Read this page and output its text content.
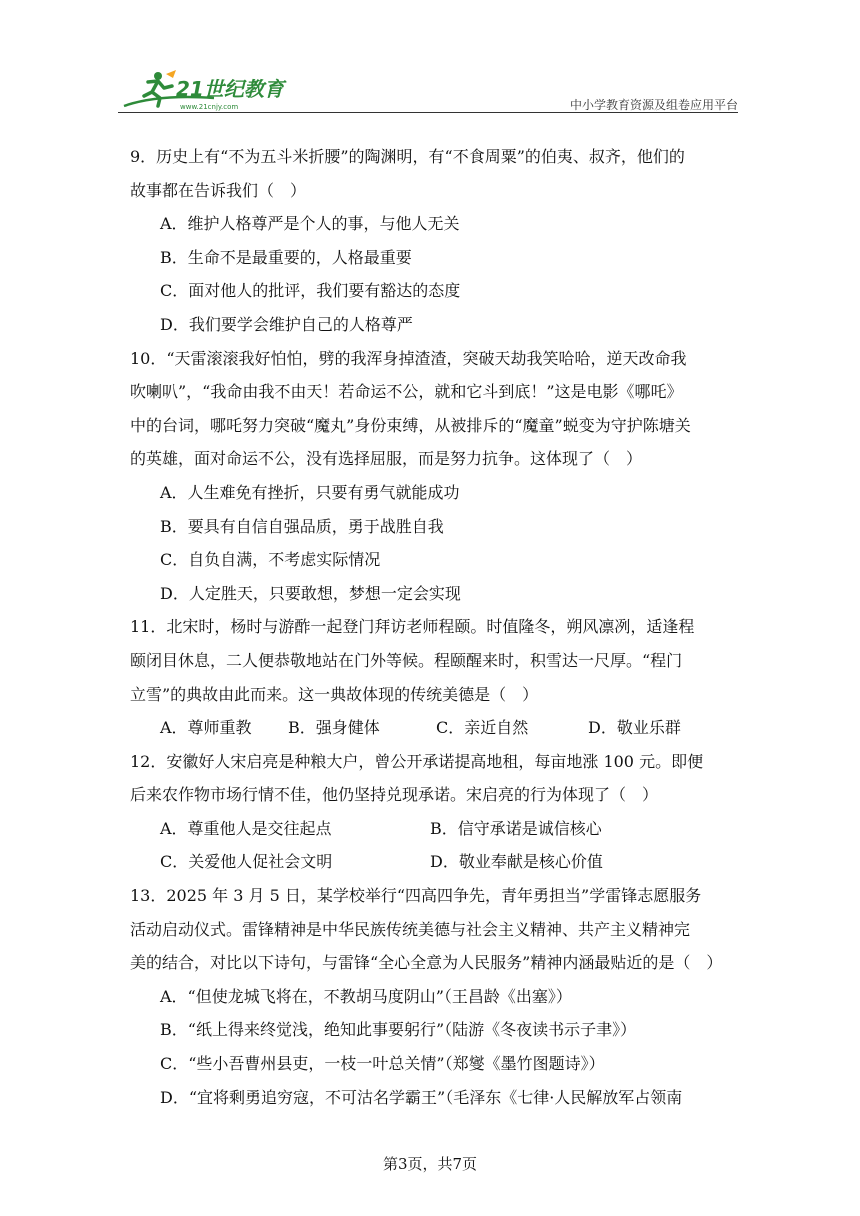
21世纪教育
www.21cnjy.com	中小学教育资源及组卷应用平台
9．历史上有“不为五斗米折腰”的陶渊明，有“不食周粟”的伯夷、叔齐，他们的
故事都在告诉我们（　）
A．维护人格尊严是个人的事，与他人无关
B．生命不是最重要的，人格最重要
C．面对他人的批评，我们要有豁达的态度
D．我们要学会维护自己的人格尊严
10．“天雷滚滚我好怕怕，劈的我浑身掉渣渣，突破天劫我笑哈哈，逆天改命我
吹喇叭”，“我命由我不由天！若命运不公，就和它斗到底！”这是电影《哪吒》
中的台词，哪吒努力突破“魔丸”身份束缚，从被排斥的“魔童”蜕变为守护陈塘关
的英雄，面对命运不公，没有选择屈服，而是努力抗争。这体现了（　）
A．人生难免有挫折，只要有勇气就能成功
B．要具有自信自强品质，勇于战胜自我
C．自负自满，不考虑实际情况
D．人定胜天，只要敢想，梦想一定会实现
11．北宋时，杨时与游酢一起登门拜访老师程颐。时值隆冬，朔风凛冽，适逢程
颐闭目休息，二人便恭敬地站在门外等候。程颐醒来时，积雪达一尺厚。“程门
立雪”的典故由此而来。这一典故体现的传统美德是（　）
A．尊师重教	B．强身健体	C．亲近自然	D．敬业乐群
12．安徽好人宋启亮是种粮大户，曾公开承诺提高地租，每亩地涨 100 元。即便
后来农作物市场行情不佳，他仍坚持兑现承诺。宋启亮的行为体现了（　）
A．尊重他人是交往起点	B．信守承诺是诚信核心
C．关爱他人促社会文明	D．敬业奉献是核心价值
13．2025 年 3 月 5 日，某学校举行“四高四争先，青年勇担当”学雷锋志愿服务
活动启动仪式。雷锋精神是中华民族传统美德与社会主义精神、共产主义精神完
美的结合，对比以下诗句，与雷锋“全心全意为人民服务”精神内涵最贴近的是（　）
A．“但使龙城飞将在，不教胡马度阴山”（王昌龄《出塞》）
B．“纸上得来终觉浅，绝知此事要躬行”（陆游《冬夜读书示子聿》）
C．“些小吾曹州县吏，一枝一叶总关情”（郑燮《墨竹图题诗》）
D．“宜将剩勇追穷寇，不可沽名学霸王”（毛泽东《七律·人民解放军占领南
第3页，共7页
